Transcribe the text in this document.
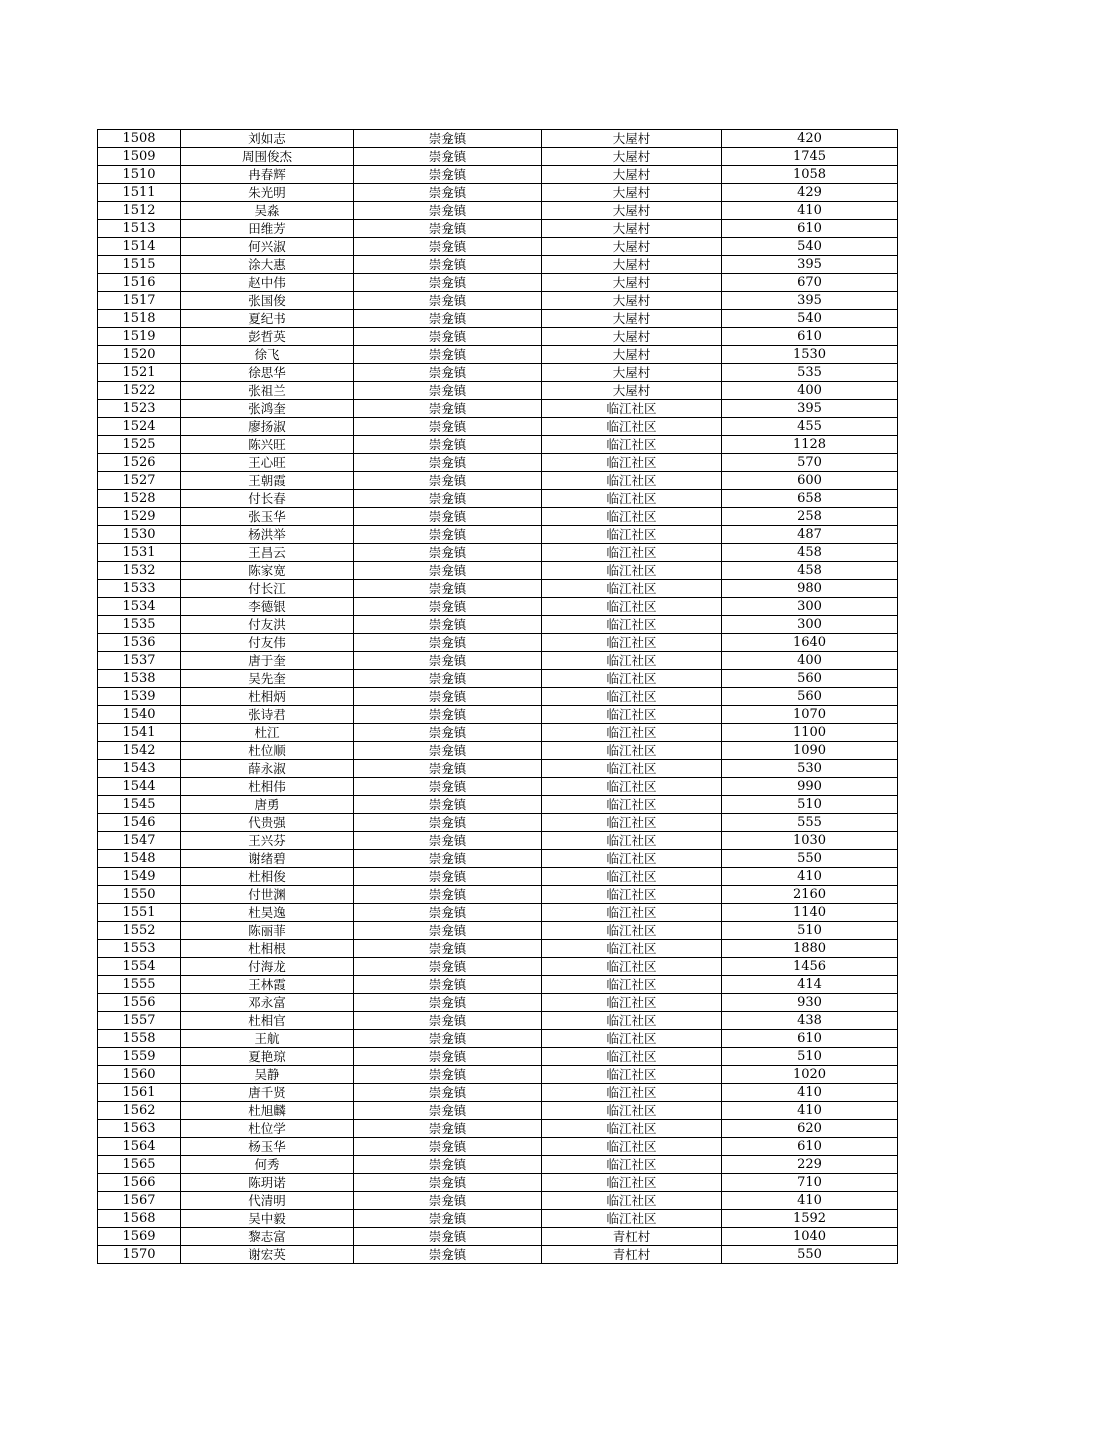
1508	刘如志	崇龛镇	大屋村	420
1509	周围俊杰	崇龛镇	大屋村	1745
1510	冉春辉	崇龛镇	大屋村	1058
1511	朱光明	崇龛镇	大屋村	429
1512	吴淼	崇龛镇	大屋村	410
1513	田维芳	崇龛镇	大屋村	610
1514	何兴淑	崇龛镇	大屋村	540
1515	涂大惠	崇龛镇	大屋村	395
1516	赵中伟	崇龛镇	大屋村	670
1517	张国俊	崇龛镇	大屋村	395
1518	夏纪书	崇龛镇	大屋村	540
1519	彭哲英	崇龛镇	大屋村	610
1520	徐飞	崇龛镇	大屋村	1530
1521	徐思华	崇龛镇	大屋村	535
1522	张祖兰	崇龛镇	大屋村	400
1523	张鸿奎	崇龛镇	临江社区	395
1524	廖扬淑	崇龛镇	临江社区	455
1525	陈兴旺	崇龛镇	临江社区	1128
1526	王心旺	崇龛镇	临江社区	570
1527	王朝霞	崇龛镇	临江社区	600
1528	付长春	崇龛镇	临江社区	658
1529	张玉华	崇龛镇	临江社区	258
1530	杨洪举	崇龛镇	临江社区	487
1531	王昌云	崇龛镇	临江社区	458
1532	陈家宽	崇龛镇	临江社区	458
1533	付长江	崇龛镇	临江社区	980
1534	李德银	崇龛镇	临江社区	300
1535	付友洪	崇龛镇	临江社区	300
1536	付友伟	崇龛镇	临江社区	1640
1537	唐于奎	崇龛镇	临江社区	400
1538	吴先奎	崇龛镇	临江社区	560
1539	杜相炳	崇龛镇	临江社区	560
1540	张诗君	崇龛镇	临江社区	1070
1541	杜江	崇龛镇	临江社区	1100
1542	杜位顺	崇龛镇	临江社区	1090
1543	薛永淑	崇龛镇	临江社区	530
1544	杜相伟	崇龛镇	临江社区	990
1545	唐勇	崇龛镇	临江社区	510
1546	代贵强	崇龛镇	临江社区	555
1547	王兴芬	崇龛镇	临江社区	1030
1548	谢绪碧	崇龛镇	临江社区	550
1549	杜相俊	崇龛镇	临江社区	410
1550	付世渊	崇龛镇	临江社区	2160
1551	杜昊逸	崇龛镇	临江社区	1140
1552	陈丽菲	崇龛镇	临江社区	510
1553	杜相根	崇龛镇	临江社区	1880
1554	付海龙	崇龛镇	临江社区	1456
1555	王林霞	崇龛镇	临江社区	414
1556	邓永富	崇龛镇	临江社区	930
1557	杜相官	崇龛镇	临江社区	438
1558	王航	崇龛镇	临江社区	610
1559	夏艳琼	崇龛镇	临江社区	510
1560	吴静	崇龛镇	临江社区	1020
1561	唐千贤	崇龛镇	临江社区	410
1562	杜旭麟	崇龛镇	临江社区	410
1563	杜位学	崇龛镇	临江社区	620
1564	杨玉华	崇龛镇	临江社区	610
1565	何秀	崇龛镇	临江社区	229
1566	陈玥诺	崇龛镇	临江社区	710
1567	代清明	崇龛镇	临江社区	410
1568	吴中毅	崇龛镇	临江社区	1592
1569	黎志富	崇龛镇	青杠村	1040
1570	谢宏英	崇龛镇	青杠村	550
